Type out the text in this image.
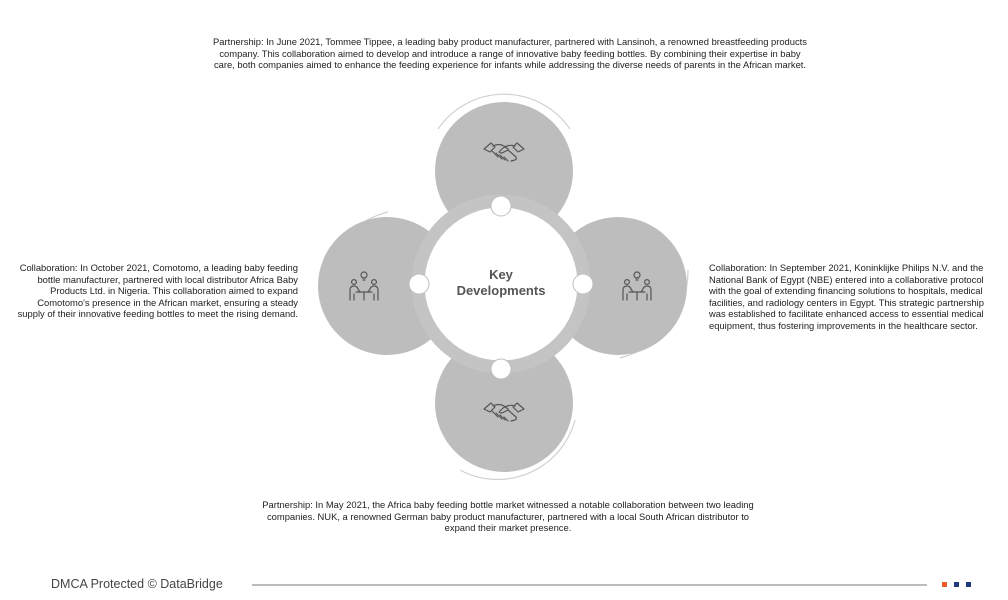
Partnership: In June 2021, Tommee Tippee, a leading baby product manufacturer, partnered with Lansinoh, a renowned breastfeeding products company. This collaboration aimed to develop and introduce a range of innovative baby feeding bottles. By combining their expertise in baby care, both companies aimed to enhance the feeding experience for infants while addressing the diverse needs of parents in the African market.

Collaboration: In October 2021, Comotomo, a leading baby feeding bottle manufacturer, partnered with local distributor Africa Baby Products Ltd. in Nigeria. This collaboration aimed to expand Comotomo's presence in the African market, ensuring a steady supply of their innovative feeding bottles to meet the rising demand.

Collaboration: In September 2021, Koninklijke Philips N.V. and the National Bank of Egypt (NBE) entered into a collaborative protocol with the goal of extending financing solutions to hospitals, medical facilities, and radiology centers in Egypt. This strategic partnership was established to facilitate enhanced access to essential medical equipment, thus fostering improvements in the healthcare sector.

Partnership: In May 2021, the Africa baby feeding bottle market witnessed a notable collaboration between two leading companies. NUK, a renowned German baby product manufacturer, partnered with a local South African distributor to expand their market presence.

Key
Developments
DMCA Protected © DataBridge
